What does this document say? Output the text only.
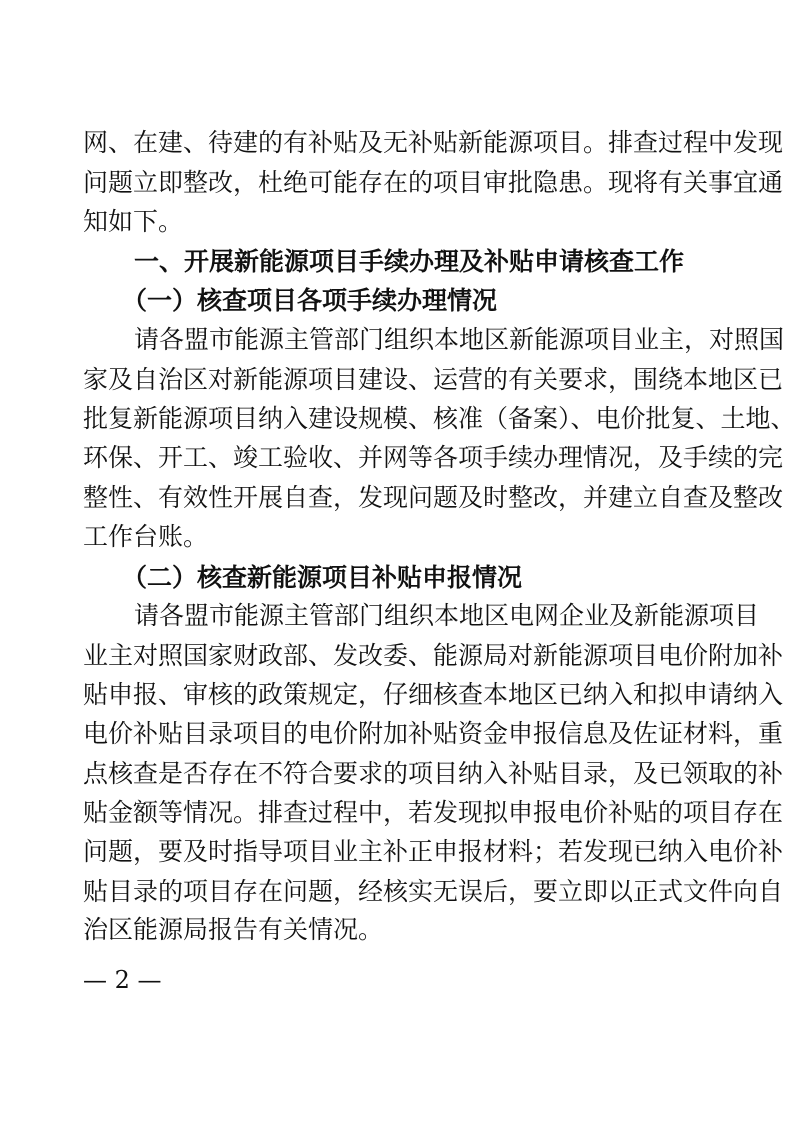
网、在建、待建的有补贴及无补贴新能源项目。排查过程中发现
问题立即整改，杜绝可能存在的项目审批隐患。现将有关事宜通
知如下。
一、开展新能源项目手续办理及补贴申请核查工作
（一）核查项目各项手续办理情况
请各盟市能源主管部门组织本地区新能源项目业主，对照国
家及自治区对新能源项目建设、运营的有关要求，围绕本地区已
批复新能源项目纳入建设规模、核准（备案）、电价批复、土地、
环保、开工、竣工验收、并网等各项手续办理情况，及手续的完
整性、有效性开展自查，发现问题及时整改，并建立自查及整改
工作台账。
（二）核查新能源项目补贴申报情况
请各盟市能源主管部门组织本地区电网企业及新能源项目
业主对照国家财政部、发改委、能源局对新能源项目电价附加补
贴申报、审核的政策规定，仔细核查本地区已纳入和拟申请纳入
电价补贴目录项目的电价附加补贴资金申报信息及佐证材料，重
点核查是否存在不符合要求的项目纳入补贴目录，及已领取的补
贴金额等情况。排查过程中，若发现拟申报电价补贴的项目存在
问题，要及时指导项目业主补正申报材料；若发现已纳入电价补
贴目录的项目存在问题，经核实无误后，要立即以正式文件向自
治区能源局报告有关情况。
— 2 —
